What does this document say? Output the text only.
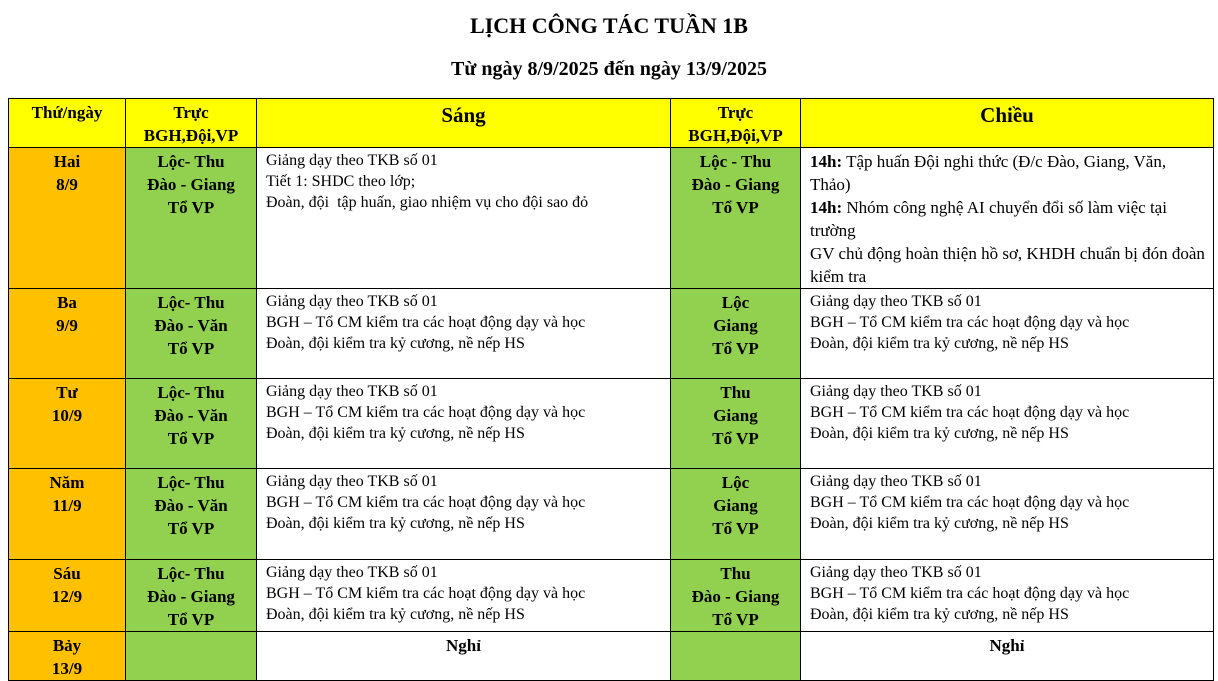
LỊCH CÔNG TÁC TUẦN 1B
Từ ngày 8/9/2025 đến ngày 13/9/2025
Thứ/ngày	Trực
BGH,Đội,VP	Sáng	Trực
BGH,Đội,VP	Chiều

Hai
8/9	Lộc- Thu
Đào - Giang
Tổ VP	Giảng dạy theo TKB số 01
Tiết 1: SHDC theo lớp;
Đoàn, đội  tập huấn, giao nhiệm vụ cho đội sao đỏ	Lộc - Thu
Đào - Giang
Tổ VP	14h: Tập huấn Đội nghi thức (Đ/c Đào, Giang, Văn, Thảo)
14h: Nhóm công nghệ AI chuyển đổi số làm việc tại trường
GV chủ động hoàn thiện hồ sơ, KHDH chuẩn bị đón đoàn kiểm tra

Ba
9/9	Lộc- Thu
Đào - Văn
Tổ VP	Giảng dạy theo TKB số 01
BGH – Tổ CM kiểm tra các hoạt động dạy và học
Đoàn, đội kiểm tra kỷ cương, nề nếp HS	Lộc
Giang
Tổ VP	Giảng dạy theo TKB số 01
BGH – Tổ CM kiểm tra các hoạt động dạy và học
Đoàn, đội kiểm tra kỷ cương, nề nếp HS

Tư
10/9	Lộc- Thu
Đào - Văn
Tổ VP	Giảng dạy theo TKB số 01
BGH – Tổ CM kiểm tra các hoạt động dạy và học
Đoàn, đội kiểm tra kỷ cương, nề nếp HS	Thu
Giang
Tổ VP	Giảng dạy theo TKB số 01
BGH – Tổ CM kiểm tra các hoạt động dạy và học
Đoàn, đội kiểm tra kỷ cương, nề nếp HS

Năm
11/9	Lộc- Thu
Đào - Văn
Tổ VP	Giảng dạy theo TKB số 01
BGH – Tổ CM kiểm tra các hoạt động dạy và học
Đoàn, đội kiểm tra kỷ cương, nề nếp HS	Lộc
Giang
Tổ VP	Giảng dạy theo TKB số 01
BGH – Tổ CM kiểm tra các hoạt động dạy và học
Đoàn, đội kiểm tra kỷ cương, nề nếp HS

Sáu
12/9	Lộc- Thu
Đào - Giang
Tổ VP	Giảng dạy theo TKB số 01
BGH – Tổ CM kiểm tra các hoạt động dạy và học
Đoàn, đội kiểm tra kỷ cương, nề nếp HS	Thu
Đào - Giang
Tổ VP	Giảng dạy theo TKB số 01
BGH – Tổ CM kiểm tra các hoạt động dạy và học
Đoàn, đội kiểm tra kỷ cương, nề nếp HS

Bảy
13/9		Nghỉ		Nghỉ
